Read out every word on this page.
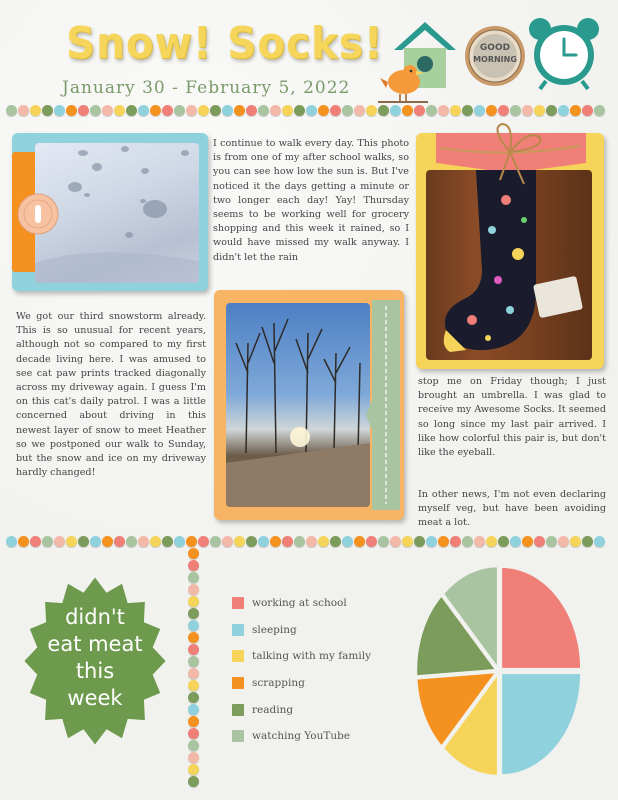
Snow! Socks!
January 30 - February 5, 2022
GOOD
MORNING
I continue to walk every day. This photo is from one of my after school walks, so you can see how low the sun is. But I've noticed it the days getting a minute or two longer each day! Yay! Thursday seems to be working well for grocery shopping and this week it rained, so I would have missed my walk anyway. I didn't let the rain
We got our third snowstorm already. This is so unusual for recent years, although not so compared to my first decade living here. I was amused to see cat paw prints tracked diagonally across my driveway again. I guess I'm on this cat's daily patrol. I was a little concerned about driving in this newest layer of snow to meet Heather so we postponed our walk to Sunday, but the snow and ice on my driveway hardly changed!
stop me on Friday though; I just brought an umbrella. I was glad to receive my Awesome Socks. It seemed so long since my last pair arrived. I like how colorful this pair is, but don't like the eyeball.
In other news, I'm not even declaring myself veg, but have been avoiding meat a lot.
didn't
eat meat
this
week
working at school
sleeping
talking with my family
scrapping
reading
watching YouTube
